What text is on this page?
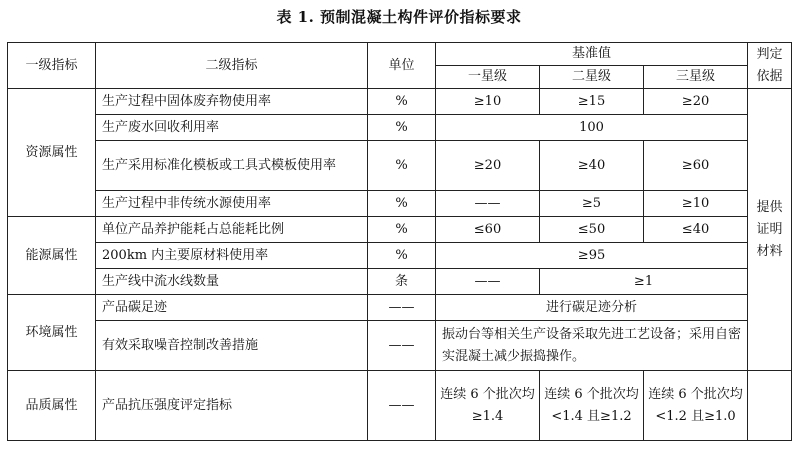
表 1. 预制混凝土构件评价指标要求
一级指标	二级指标	单位	基准值			判定依据
			一星级	二星级	三星级	
资源属性	生产过程中固体废弃物使用率	%	≥10	≥15	≥20	提供证明材料
	生产废水回收利用率	%	100			
	生产采用标准化模板或工具式模板使用率	%	≥20	≥40	≥60	
	生产过程中非传统水源使用率	%	——	≥5	≥10	
能源属性	单位产品养护能耗占总能耗比例	%	≤60	≤50	≤40	
	200km 内主要原材料使用率	%	≥95			
	生产线中流水线数量	条	——	≥1		
环境属性	产品碳足迹	——	进行碳足迹分析			
	有效采取噪音控制改善措施	——	振动台等相关生产设备采取先进工艺设备；采用自密实混凝土减少振捣操作。			
品质属性	产品抗压强度评定指标	——	连续 6 个批次均≥1.4	连续 6 个批次均<1.4 且≥1.2	连续 6 个批次均<1.2 且≥1.0	
